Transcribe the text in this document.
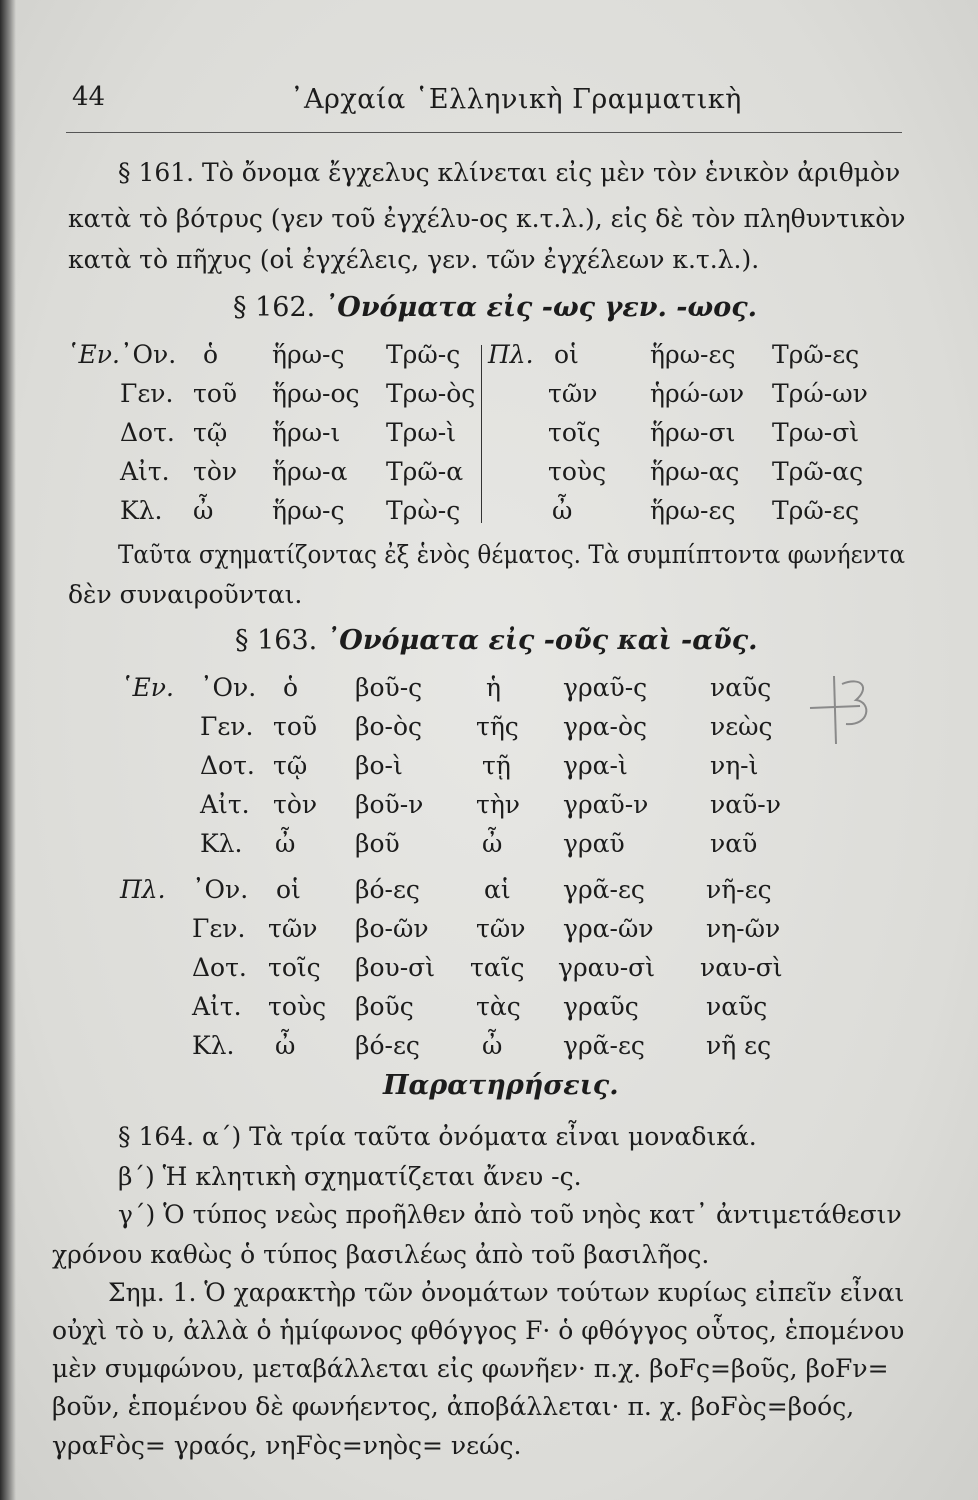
44	᾿Αρχαία ῾Ελληνικὴ Γραμματικὴ
§ 161. Τὸ ὄνομα ἔγχελυς κλίνεται εἰς μὲν τὸν ἑνικὸν ἀριθμὸν
κατὰ τὸ βότρυς (γεν τοῦ ἐγχέλυ-ος κ.τ.λ.), εἰς δὲ τὸν πληθυντικὸν
κατὰ τὸ πῆχυς (οἱ ἐγχέλεις, γεν. τῶν ἐγχέλεων κ.τ.λ.).
§ 162. ᾿Ονόματα εἰς -ως γεν. -ωος.
῾Εν.	Πλ.
᾿Ον.
Γεν.
Δοτ.
Αἰτ.
Κλ.
ὁ
τοῦ
τῷ
τὸν
ὦ
ἥρω-ς
ἥρω-ος
ἥρω-ι
ἥρω-α
ἥρω-ς
Τρῶ-ς
Τρω-ὸς
Τρω-ὶ
Τρῶ-α
Τρὼ-ς
οἱ
τῶν
τοῖς
τοὺς
ὦ
ἥρω-ες
ἡρώ-ων
ἥρω-σι
ἥρω-ας
ἥρω-ες
Τρῶ-ες
Τρώ-ων
Τρω-σὶ
Τρῶ-ας
Τρῶ-ες
Ταῦτα σχηματίζοντας ἐξ ἑνὸς θέματος. Τὰ συμπίπτοντα φωνήεντα
δὲν συναιροῦνται.
§ 163. ᾿Ονόματα εἰς -οῦς καὶ -αῦς.
῾Εν.
Πλ.
᾿Ον.
Γεν.
Δοτ.
Αἰτ.
Κλ.
ὁ
τοῦ
τῷ
τὸν
ὦ
βοῦ-ς
βο-ὸς
βο-ὶ
βοῦ-ν
βοῦ
ἡ
τῆς
τῇ
τὴν
ὦ
γραῦ-ς
γρα-ὸς
γρα-ὶ
γραῦ-ν
γραῦ
ναῦς
νεὼς
νη-ὶ
ναῦ-ν
ναῦ
᾿Ον.
Γεν.
Δοτ.
Αἰτ.
Κλ.
οἱ
τῶν
τοῖς
τοὺς
ὦ
βό-ες
βο-ῶν
βου-σὶ
βοῦς
βό-ες
αἱ
τῶν
ταῖς
τὰς
ὦ
γρᾶ-ες
γρα-ῶν
γραυ-σὶ
γραῦς
γρᾶ-ες
νῆ-ες
νη-ῶν
ναυ-σὶ
ναῦς
νῆ ες
Παρατηρήσεις.
§ 164. α΄) Τὰ τρία ταῦτα ὀνόματα εἶναι μοναδικά.
β΄) Ἡ κλητικὴ σχηματίζεται ἄνευ -ς.
γ΄) Ὁ τύπος νεὼς προῆλθεν ἀπὸ τοῦ νηὸς κατ᾿ ἀντιμετάθεσιν
χρόνου καθὼς ὁ τύπος βασιλέως ἀπὸ τοῦ βασιλῆος.
Σημ. 1. Ὁ χαρακτὴρ τῶν ὀνομάτων τούτων κυρίως εἰπεῖν εἶναι
οὐχὶ τὸ υ, ἀλλὰ ὁ ἡμίφωνος φθόγγος F· ὁ φθόγγος οὗτος, ἑπομένου
μὲν συμφώνου, μεταβάλλεται εἰς φωνῆεν· π.χ. βοFς=βοῦς, βοFν=
βοῦν, ἑπομένου δὲ φωνήεντος, ἀποβάλλεται· π. χ. βοFὸς=βοός,
γραFὸς= γραός, νηFὸς=νηὸς= νεώς.
